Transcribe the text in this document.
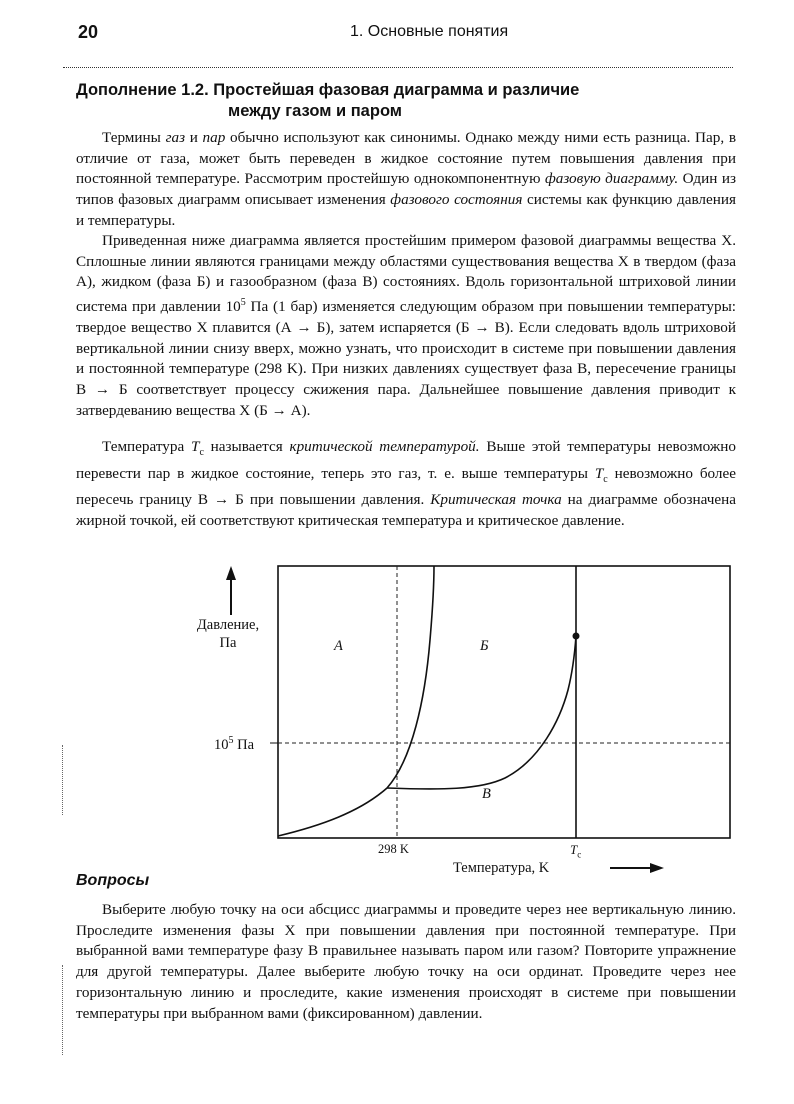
20	1. Основные понятия
Дополнение 1.2. Простейшая фазовая диаграмма и различие
между газом и паром
Термины газ и пар обычно используют как синонимы. Однако между ними есть разница. Пар, в отличие от газа, может быть переведен в жидкое состояние путем повышения давления при постоянной температуре. Рассмотрим простейшую однокомпонентную фазовую диаграмму. Один из типов фазовых диаграмм описывает изменения фазового состояния системы как функцию давления и температуры.
Приведенная ниже диаграмма является простейшим примером фазовой диаграммы вещества X. Сплошные линии являются границами между областями существования вещества X в твердом (фаза А), жидком (фаза Б) и газообразном (фаза В) состояниях. Вдоль горизонтальной штриховой линии система при давлении $10^5$ Па (1 бар) изменяется следующим образом при повышении температуры: твердое вещество X плавится (А → Б), затем испаряется (Б → В). Если следовать вдоль штриховой вертикальной линии снизу вверх, можно узнать, что происходит в системе при повышении давления и постоянной температуре (298 K). При низких давлениях существует фаза В, пересечение границы В → Б соответствует процессу сжижения пара. Дальнейшее повышение давления приводит к затвердеванию вещества X (Б → А).
Температура $T_c$ называется критической температурой. Выше этой температуры невозможно перевести пар в жидкое состояние, теперь это газ, т. е. выше температуры $T_c$ невозможно более пересечь границу В → Б при повышении давления. Критическая точка на диаграмме обозначена жирной точкой, ей соответствуют критическая температура и критическое давление.
Давление,
Па
$10^5$ Па
298 K	$T_c$
Температура, K
А	Б
В
Вопросы
Выберите любую точку на оси абсцисс диаграммы и проведите через нее вертикальную линию. Проследите изменения фазы X при повышении давления при постоянной температуре. При выбранной вами температуре фазу В правильнее называть паром или газом? Повторите упражнение для другой температуры. Далее выберите любую точку на оси ординат. Проведите через нее горизонтальную линию и проследите, какие изменения происходят в системе при повышении температуры при выбранном вами (фиксированном) давлении.
